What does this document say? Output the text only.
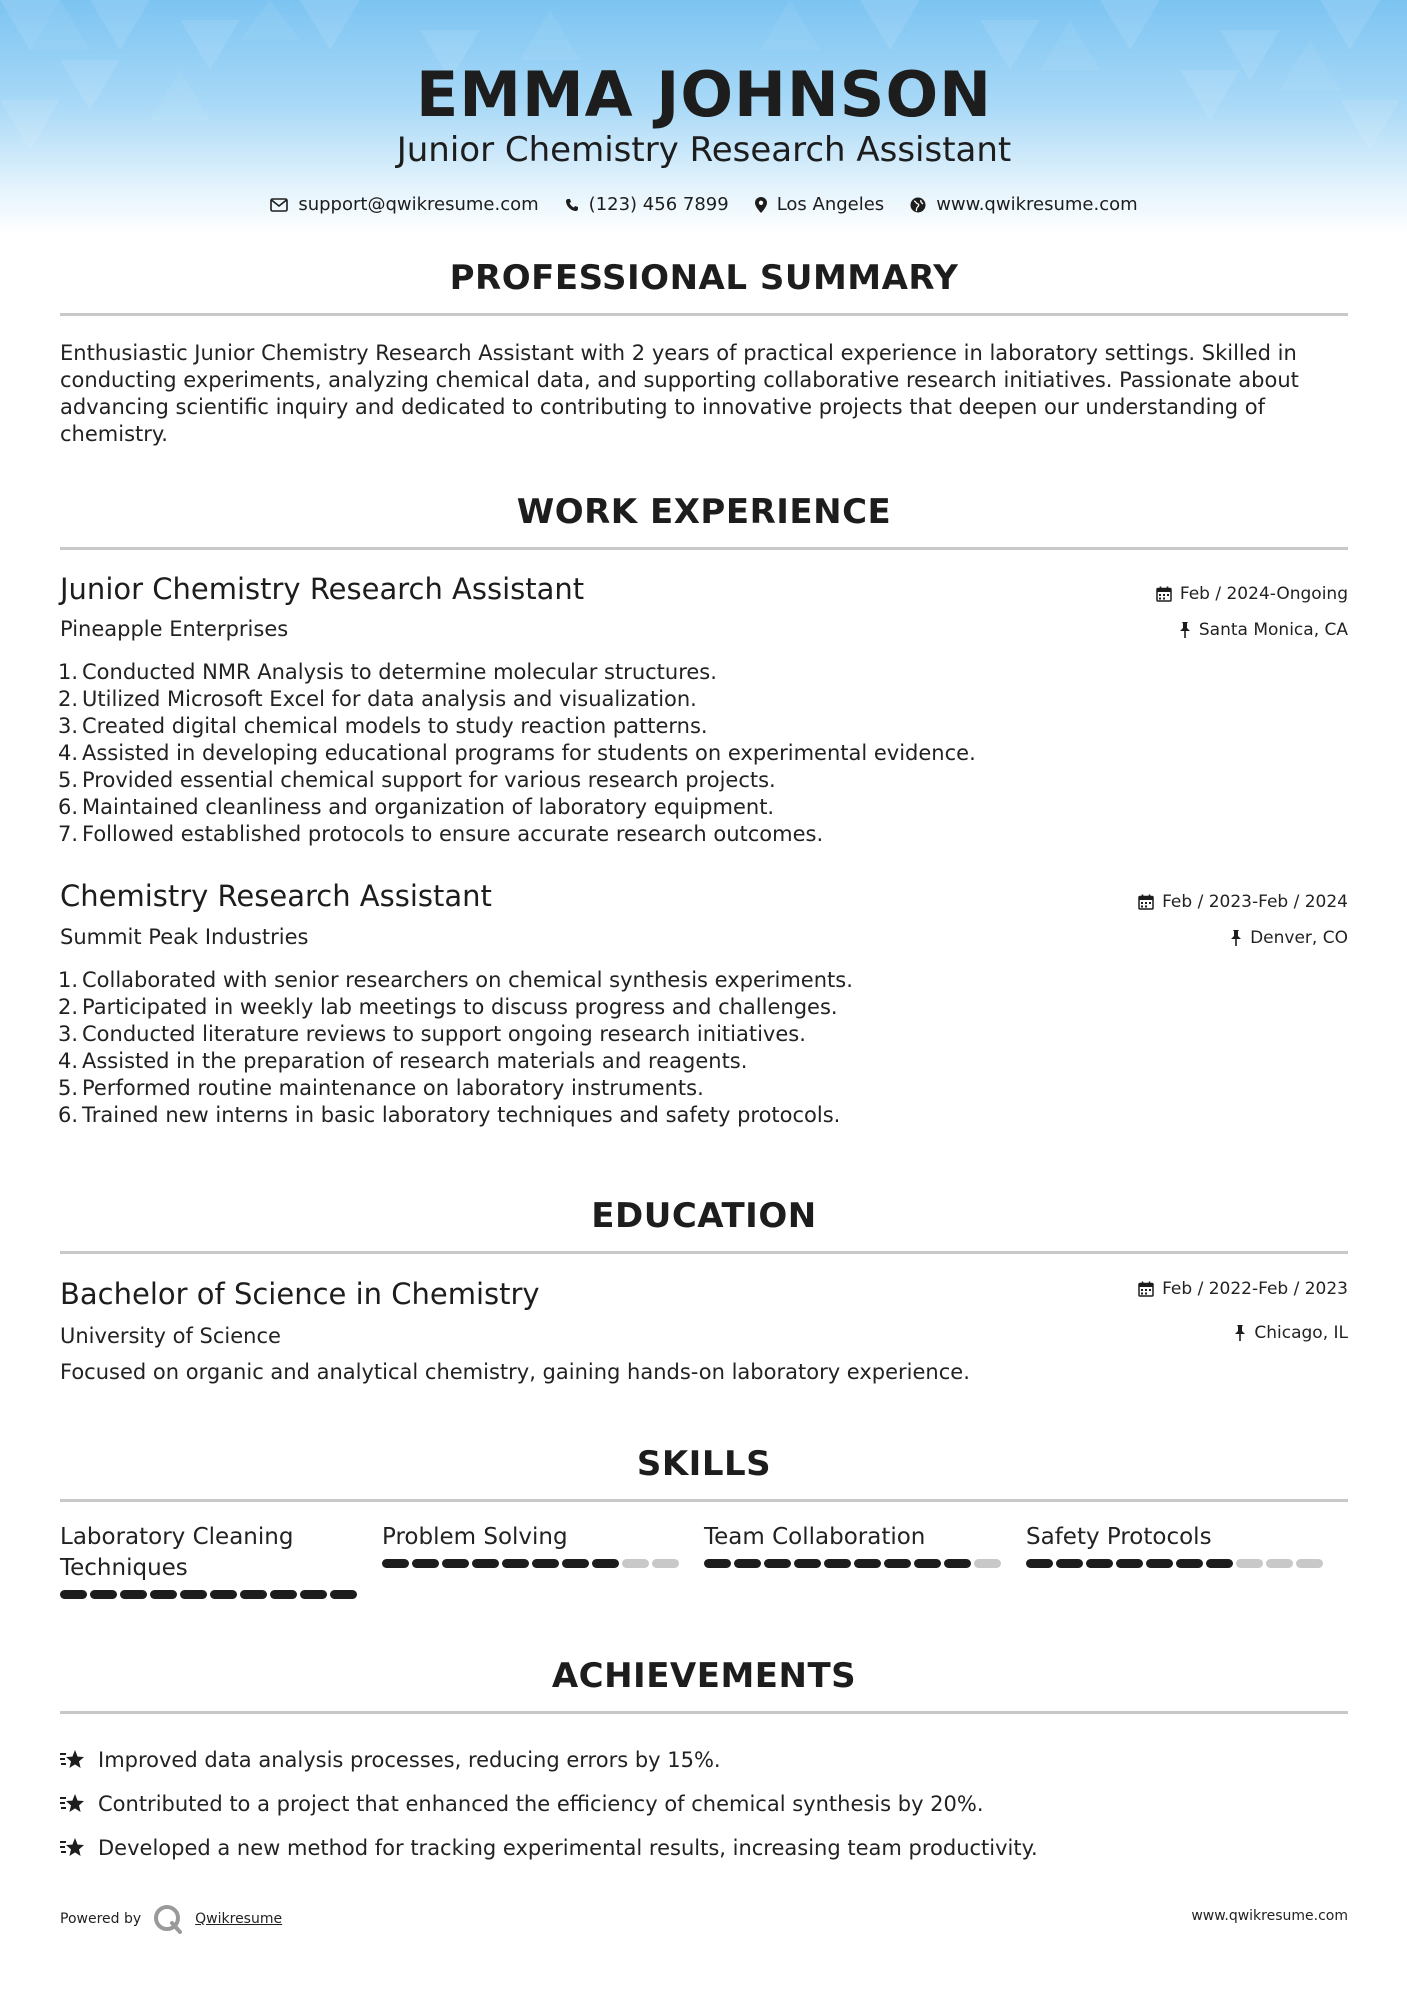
EMMA JOHNSON
Junior Chemistry Research Assistant
support@qwikresume.com	(123) 456 7899	Los Angeles	www.qwikresume.com
PROFESSIONAL SUMMARY

Enthusiastic Junior Chemistry Research Assistant with 2 years of practical experience in laboratory settings. Skilled in conducting experiments, analyzing chemical data, and supporting collaborative research initiatives. Passionate about advancing scientific inquiry and dedicated to contributing to innovative projects that deepen our understanding of chemistry.

WORK EXPERIENCE
Junior Chemistry Research Assistant	Feb / 2024-Ongoing
Pineapple Enterprises	Santa Monica, CA
1. Conducted NMR Analysis to determine molecular structures.
2. Utilized Microsoft Excel for data analysis and visualization.
3. Created digital chemical models to study reaction patterns.
4. Assisted in developing educational programs for students on experimental evidence.
5. Provided essential chemical support for various research projects.
6. Maintained cleanliness and organization of laboratory equipment.
7. Followed established protocols to ensure accurate research outcomes.
Chemistry Research Assistant	Feb / 2023-Feb / 2024
Summit Peak Industries	Denver, CO
1. Collaborated with senior researchers on chemical synthesis experiments.
2. Participated in weekly lab meetings to discuss progress and challenges.
3. Conducted literature reviews to support ongoing research initiatives.
4. Assisted in the preparation of research materials and reagents.
5. Performed routine maintenance on laboratory instruments.
6. Trained new interns in basic laboratory techniques and safety protocols.
EDUCATION
Bachelor of Science in Chemistry	Feb / 2022-Feb / 2023
University of Science	Chicago, IL
Focused on organic and analytical chemistry, gaining hands-on laboratory experience.
SKILLS
Laboratory Cleaning Techniques
Problem Solving	Team Collaboration	Safety Protocols
ACHIEVEMENTS
Improved data analysis processes, reducing errors by 15%.
Contributed to a project that enhanced the efficiency of chemical synthesis by 20%.
Developed a new method for tracking experimental results, increasing team productivity.
Powered by	Qwikresume	www.qwikresume.com
